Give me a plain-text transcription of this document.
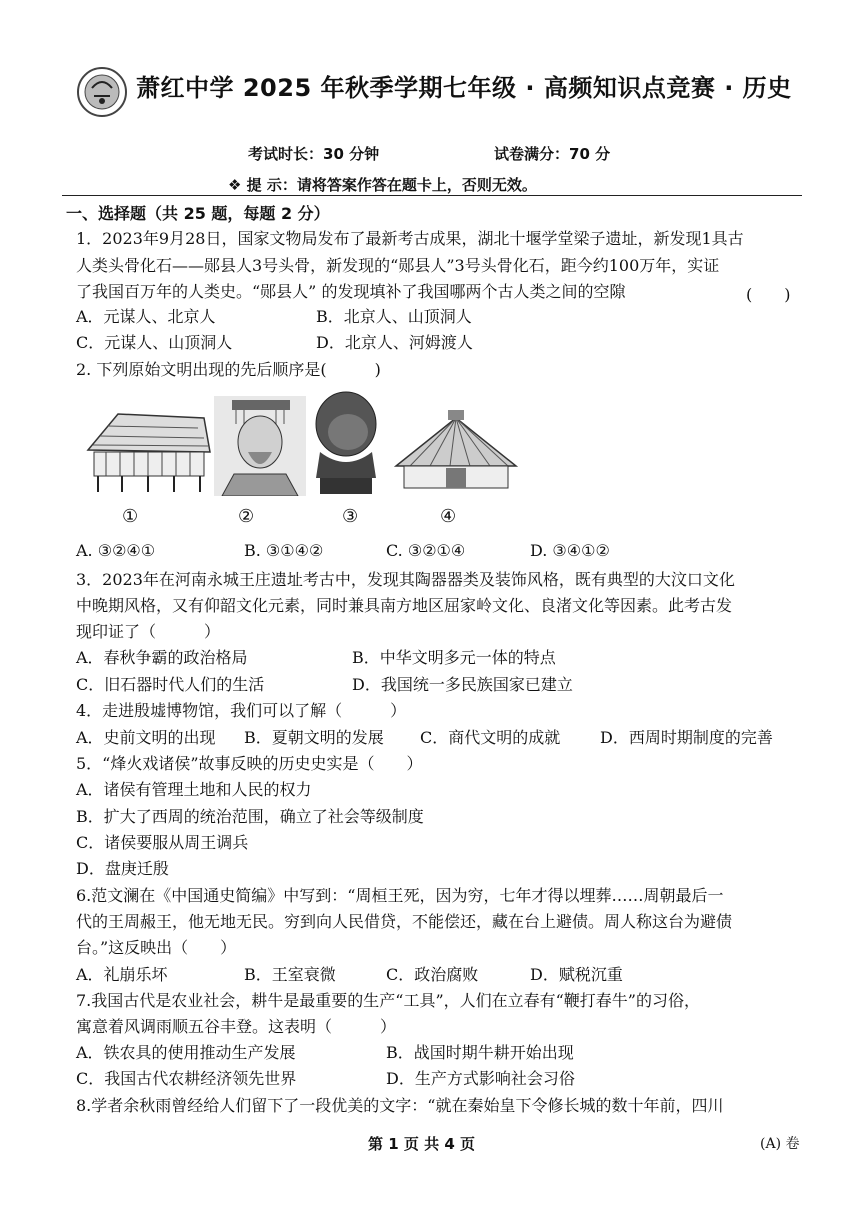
萧红中学 2025 年秋季学期七年级 · 高频知识点竞赛 · 历史
考试时长：30 分钟	试卷满分：70 分
❖ 提 示：请将答案作答在题卡上，否则无效。
一、选择题（共 25 题，每题 2 分）
1．2023年9月28日，国家文物局发布了最新考古成果，湖北十堰学堂梁子遗址，新发现1具古
人类头骨化石——郧县人3号头骨，新发现的“郧县人”3号头骨化石，距今约100万年，实证
了我国百万年的人类史。“郧县人” 的发现填补了我国哪两个古人类之间的空隙	(　　)
A．元谋人、北京人	B．北京人、山顶洞人
C．元谋人、山顶洞人	D．北京人、河姆渡人
2. 下列原始文明出现的先后顺序是(　　　)
①	②	③	④
A. ③②④①	B. ③①④②	C. ③②①④	D. ③④①②
3．2023年在河南永城王庄遗址考古中，发现其陶器器类及装饰风格，既有典型的大汶口文化
中晚期风格，又有仰韶文化元素，同时兼具南方地区屈家岭文化、良渚文化等因素。此考古发
现印证了（　　　）
A．春秋争霸的政治格局	B．中华文明多元一体的特点
C．旧石器时代人们的生活	D．我国统一多民族国家已建立
4．走进殷墟博物馆，我们可以了解（　　　）
A．史前文明的出现 B．夏朝文明的发展 C．商代文明的成就 D．西周时期制度的完善
5．“烽火戏诸侯”故事反映的历史史实是（　　）
A．诸侯有管理土地和人民的权力
B．扩大了西周的统治范围，确立了社会等级制度
C．诸侯要服从周王调兵
D．盘庚迁殷
6.范文澜在《中国通史简编》中写到：“周桓王死，因为穷，七年才得以埋葬……周朝最后一
代的王周赧王，他无地无民。穷到向人民借贷，不能偿还，藏在台上避债。周人称这台为避债
台。”这反映出（　　）
A．礼崩乐坏	B．王室衰微	C．政治腐败	D．赋税沉重
7.我国古代是农业社会，耕牛是最重要的生产“工具”，人们在立春有“鞭打春牛”的习俗，
寓意着风调雨顺五谷丰登。这表明（　　　）
A．铁农具的使用推动生产发展	B．战国时期牛耕开始出现
C．我国古代农耕经济领先世界	D．生产方式影响社会习俗
8.学者余秋雨曾经给人们留下了一段优美的文字：“就在秦始皇下令修长城的数十年前，四川
第 1 页 共 4 页	(A) 卷
